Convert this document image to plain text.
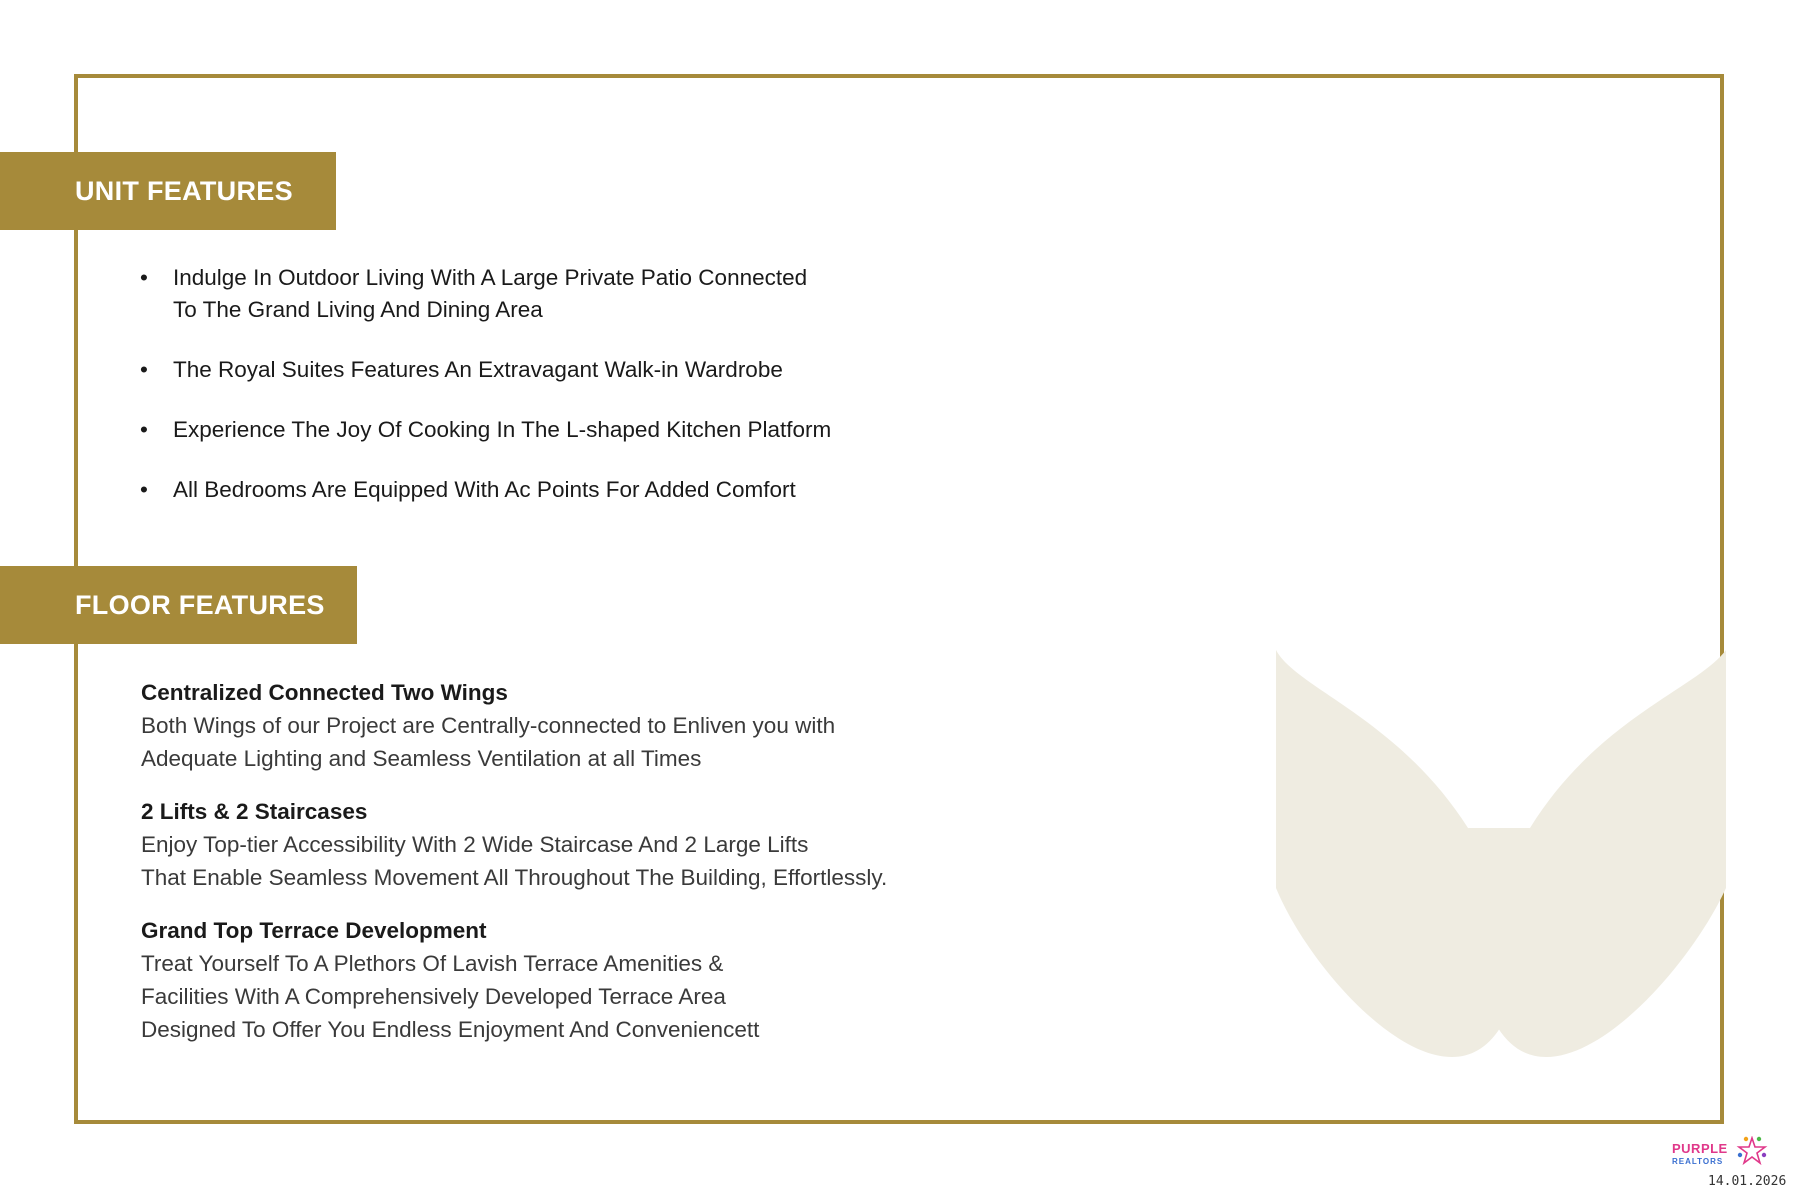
UNIT FEATURES
• Indulge In Outdoor Living With A Large Private Patio Connected
To The Grand Living And Dining Area
• The Royal Suites Features An Extravagant Walk-in Wardrobe
• Experience The Joy Of Cooking In The L-shaped Kitchen Platform
• All Bedrooms Are Equipped With Ac Points For Added Comfort
FLOOR FEATURES
Centralized Connected Two Wings
Both Wings of our Project are Centrally-connected to Enliven you with
Adequate Lighting and Seamless Ventilation at all Times
2 Lifts & 2 Staircases
Enjoy Top-tier Accessibility With 2 Wide Staircase And 2 Large Lifts
That Enable Seamless Movement All Throughout The Building, Effortlessly.
Grand Top Terrace Development
Treat Yourself To A Plethors Of Lavish Terrace Amenities &
Facilities With A Comprehensively Developed Terrace Area
Designed To Offer You Endless Enjoyment And Conveniencett
PURPLE
REALTORS
14.01.2026
